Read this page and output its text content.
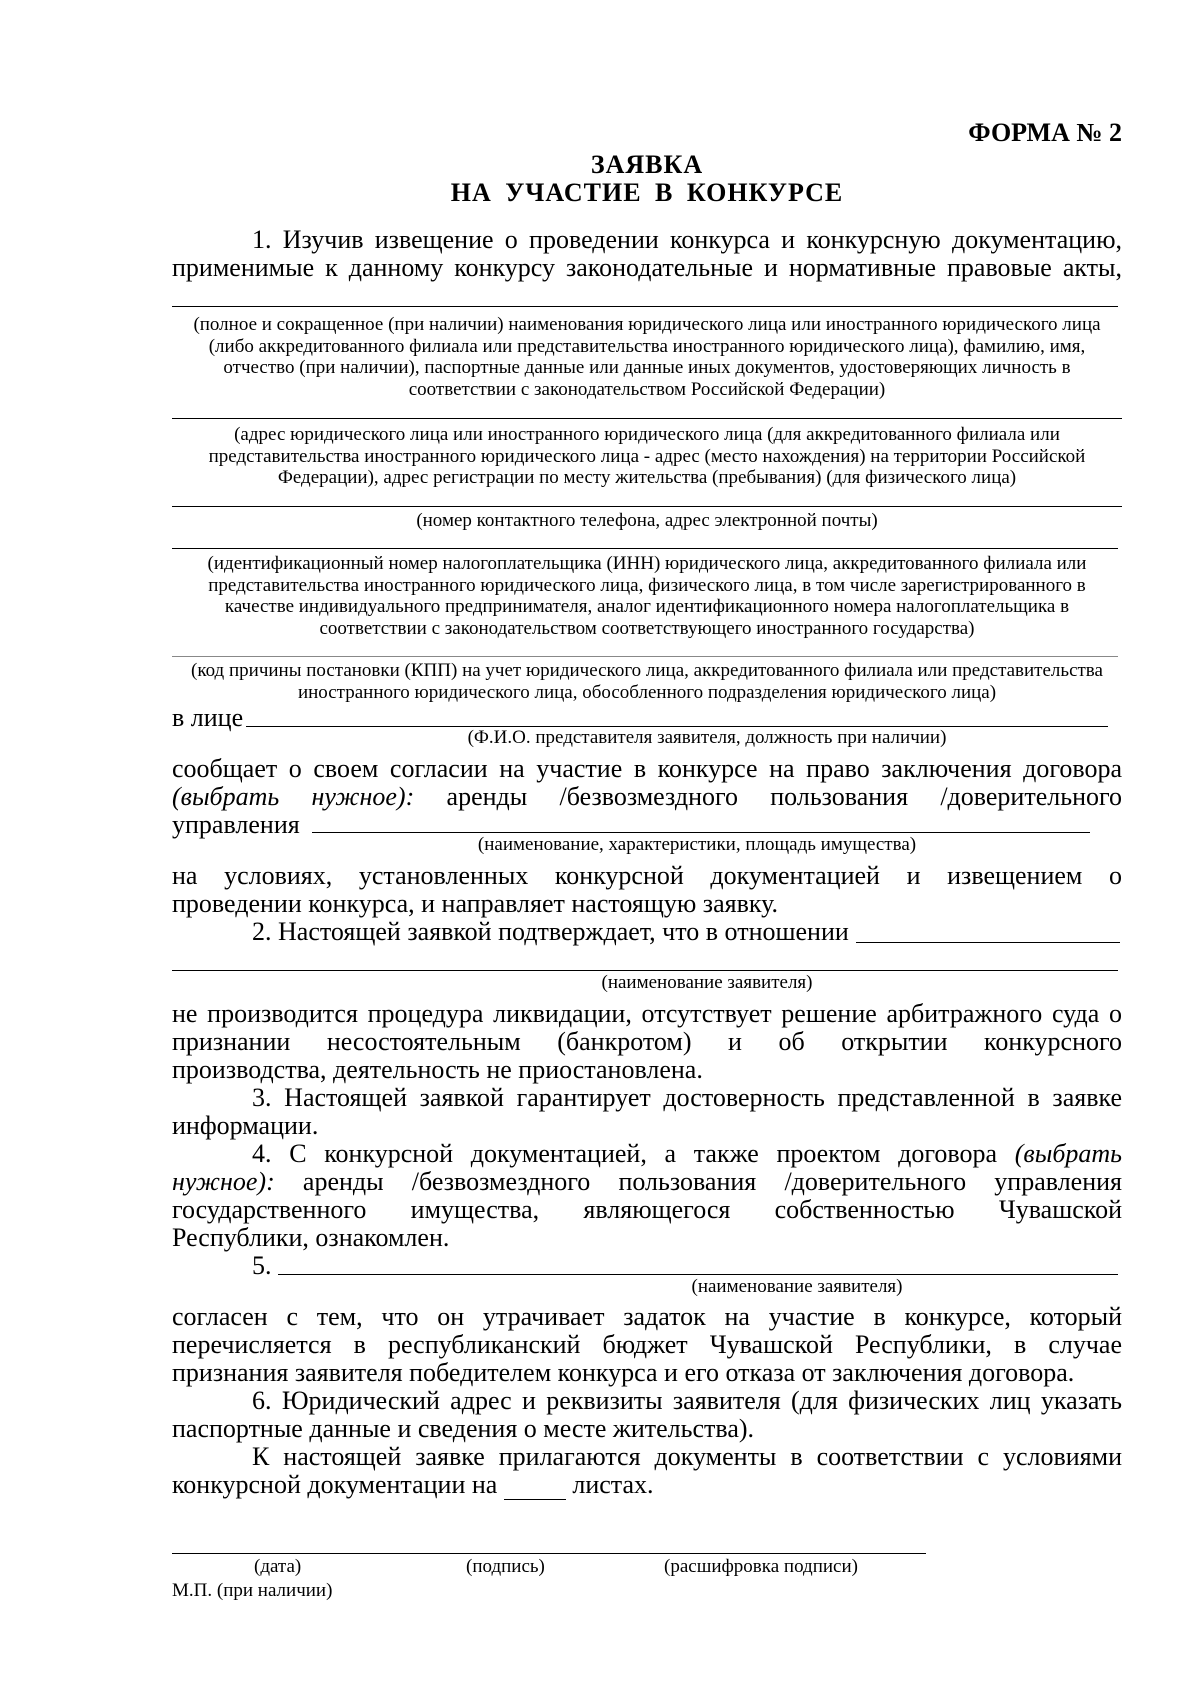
ФОРМА № 2
ЗАЯВКА
НА УЧАСТИЕ В КОНКУРСЕ
1. Изучив извещение о проведении конкурса и конкурсную документацию,
применимые к данному конкурсу законодательные и нормативные правовые акты,
(полное и сокращенное (при наличии) наименования юридического лица или иностранного юридического лица (либо аккредитованного филиала или представительства иностранного юридического лица), фамилию, имя, отчество (при наличии), паспортные данные или данные иных документов, удостоверяющих личность в соответствии с законодательством Российской Федерации)
(адрес юридического лица или иностранного юридического лица (для аккредитованного филиала или представительства иностранного юридического лица - адрес (место нахождения) на территории Российской Федерации), адрес регистрации по месту жительства (пребывания) (для физического лица)
(номер контактного телефона, адрес электронной почты)
(идентификационный номер налогоплательщика (ИНН) юридического лица, аккредитованного филиала или представительства иностранного юридического лица, физического лица, в том числе зарегистрированного в качестве индивидуального предпринимателя, аналог идентификационного номера налогоплательщика в соответствии с законодательством соответствующего иностранного государства)
(код причины постановки (КПП) на учет юридического лица, аккредитованного филиала или представительства иностранного юридического лица, обособленного подразделения юридического лица)
в лице
(Ф.И.О. представителя заявителя, должность при наличии)
сообщает о своем согласии на участие в конкурсе на право заключения договора
(выбрать нужное): аренды /безвозмездного пользования /доверительного
управления
(наименование, характеристики, площадь имущества)
на условиях, установленных конкурсной документацией и извещением о
проведении конкурса, и направляет настоящую заявку.
2. Настоящей заявкой подтверждает, что в отношении
(наименование заявителя)
не производится процедура ликвидации, отсутствует решение арбитражного суда о
признании несостоятельным (банкротом) и об открытии конкурсного
производства, деятельность не приостановлена.
3. Настоящей заявкой гарантирует достоверность представленной в заявке
информации.
4. С конкурсной документацией, а также проектом договора (выбрать
нужное): аренды /безвозмездного пользования /доверительного управления
государственного имущества, являющегося собственностью Чувашской
Республики, ознакомлен.
5.
(наименование заявителя)
согласен с тем, что он утрачивает задаток на участие в конкурсе, который
перечисляется в республиканский бюджет Чувашской Республики, в случае
признания заявителя победителем конкурса и его отказа от заключения договора.
6. Юридический адрес и реквизиты заявителя (для физических лиц указать
паспортные данные и сведения о месте жительства).
К настоящей заявке прилагаются документы в соответствии с условиями
конкурсной документации на	листах.
(дата)	(подпись)	(расшифровка подписи)
М.П. (при наличии)
